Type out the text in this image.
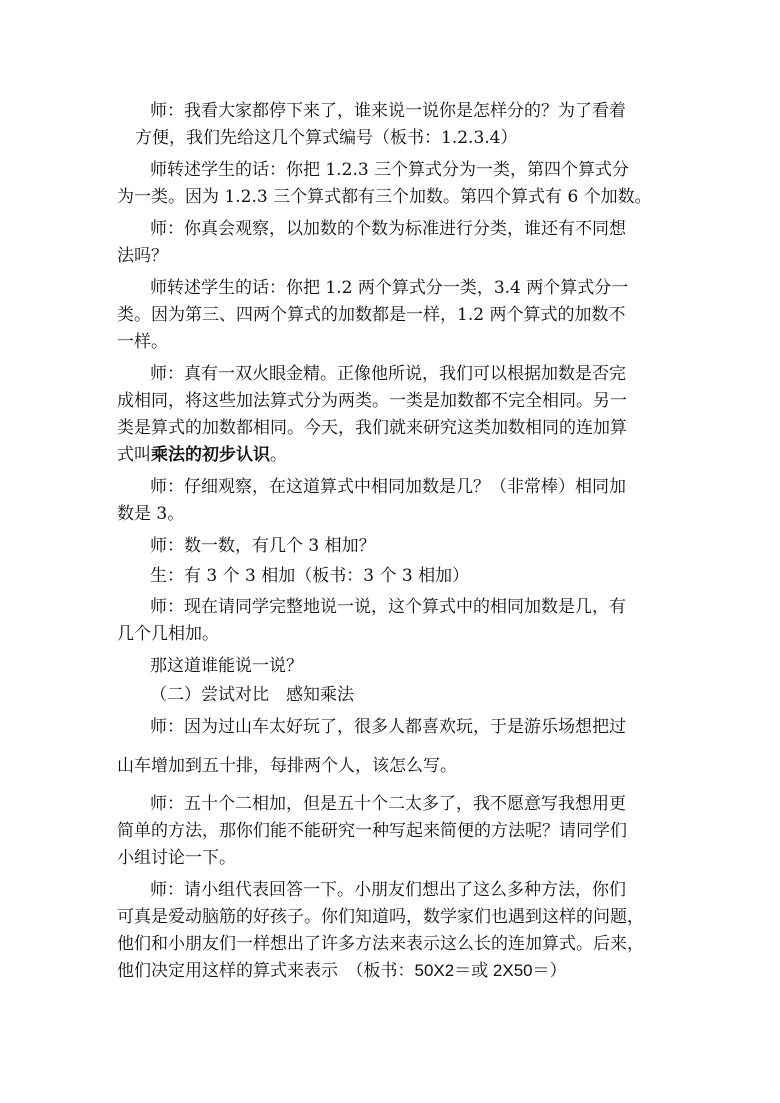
师：我看大家都停下来了，谁来说一说你是怎样分的？为了看着
方便，我们先给这几个算式编号（板书：1.2.3.4）
师转述学生的话：你把 1.2.3 三个算式分为一类，第四个算式分
为一类。因为 1.2.3 三个算式都有三个加数。第四个算式有 6 个加数。
师：你真会观察，以加数的个数为标准进行分类，谁还有不同想
法吗？
师转述学生的话：你把 1.2 两个算式分一类，3.4 两个算式分一
类。因为第三、四两个算式的加数都是一样，1.2 两个算式的加数不
一样。
师：真有一双火眼金精。正像他所说，我们可以根据加数是否完
成相同，将这些加法算式分为两类。一类是加数都不完全相同。另一
类是算式的加数都相同。今天，我们就来研究这类加数相同的连加算
式叫乘法的初步认识。
师：仔细观察，在这道算式中相同加数是几？（非常棒）相同加
数是 3。
师：数一数，有几个 3 相加？
生：有 3 个 3 相加（板书：3 个 3 相加）
师：现在请同学完整地说一说，这个算式中的相同加数是几，有
几个几相加。
那这道谁能说一说？
（二）尝试对比　感知乘法
师：因为过山车太好玩了，很多人都喜欢玩，于是游乐场想把过
山车增加到五十排，每排两个人，该怎么写。
师：五十个二相加，但是五十个二太多了，我不愿意写我想用更
简单的方法，那你们能不能研究一种写起来简便的方法呢？请同学们
小组讨论一下。
师：请小组代表回答一下。小朋友们想出了这么多种方法，你们
可真是爱动脑筋的好孩子。你们知道吗，数学家们也遇到这样的问题，
他们和小朋友们一样想出了许多方法来表示这么长的连加算式。后来，
他们决定用这样的算式来表示　（板书：50X2＝或 2X50＝）
